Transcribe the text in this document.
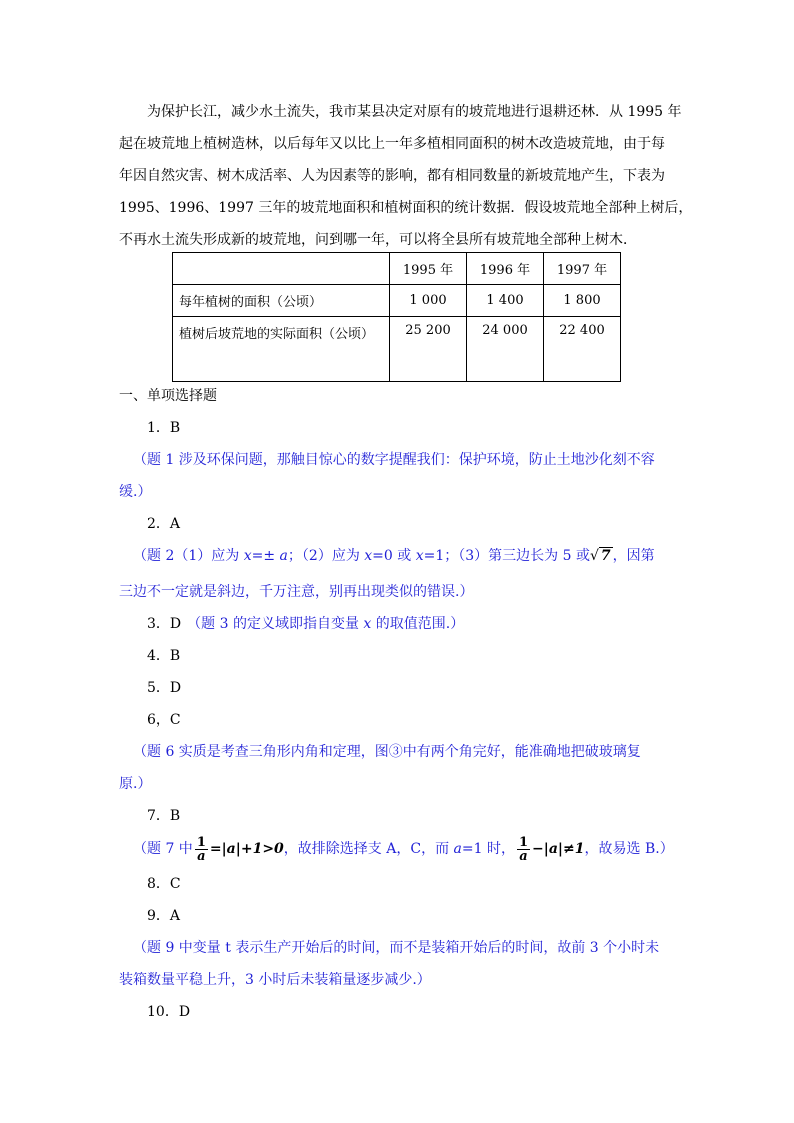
为保护长江，减少水土流失，我市某县决定对原有的坡荒地进行退耕还林．从 1995 年
起在坡荒地上植树造林，以后每年又以比上一年多植相同面积的树木改造坡荒地，由于每
年因自然灾害、树木成活率、人为因素等的影响，都有相同数量的新坡荒地产生，下表为
1995、1996、1997 三年的坡荒地面积和植树面积的统计数据．假设坡荒地全部种上树后，
不再水土流失形成新的坡荒地，问到哪一年，可以将全县所有坡荒地全部种上树木．
	1995 年	1996 年	1997 年
每年植树的面积（公顷）	1 000	1 400	1 800
植树后坡荒地的实际面积（公顷）	25 200	24 000	22 400
一、单项选择题
1．B
（题 1 涉及环保问题，那触目惊心的数字提醒我们：保护环境，防止土地沙化刻不容
缓.）
2．A
（题 2（1）应为 x=± a；（2）应为 x=0 或 x=1；（3）第三边长为 5 或√ 7 ，因第
三边不一定就是斜边，千万注意，别再出现类似的错误.）
3．D （题 3 的定义域即指自变量 x 的取值范围.）
4．B
5．D
6，C
（题 6 实质是考查三角形内角和定理，图③中有两个角完好，能准确地把破玻璃复
原.）
7．B
（题 7 中 $\frac{1}{a} =|a|+1>0$，故排除选择支 A，C，而 a=1 时， $\frac{1}{a} -|a|\ne 1$，故易选 B.）
8．C
9．A
（题 9 中变量 t 表示生产开始后的时间，而不是装箱开始后的时间，故前 3 个小时未
装箱数量平稳上升，3 小时后未装箱量逐步减少.）
10．D
